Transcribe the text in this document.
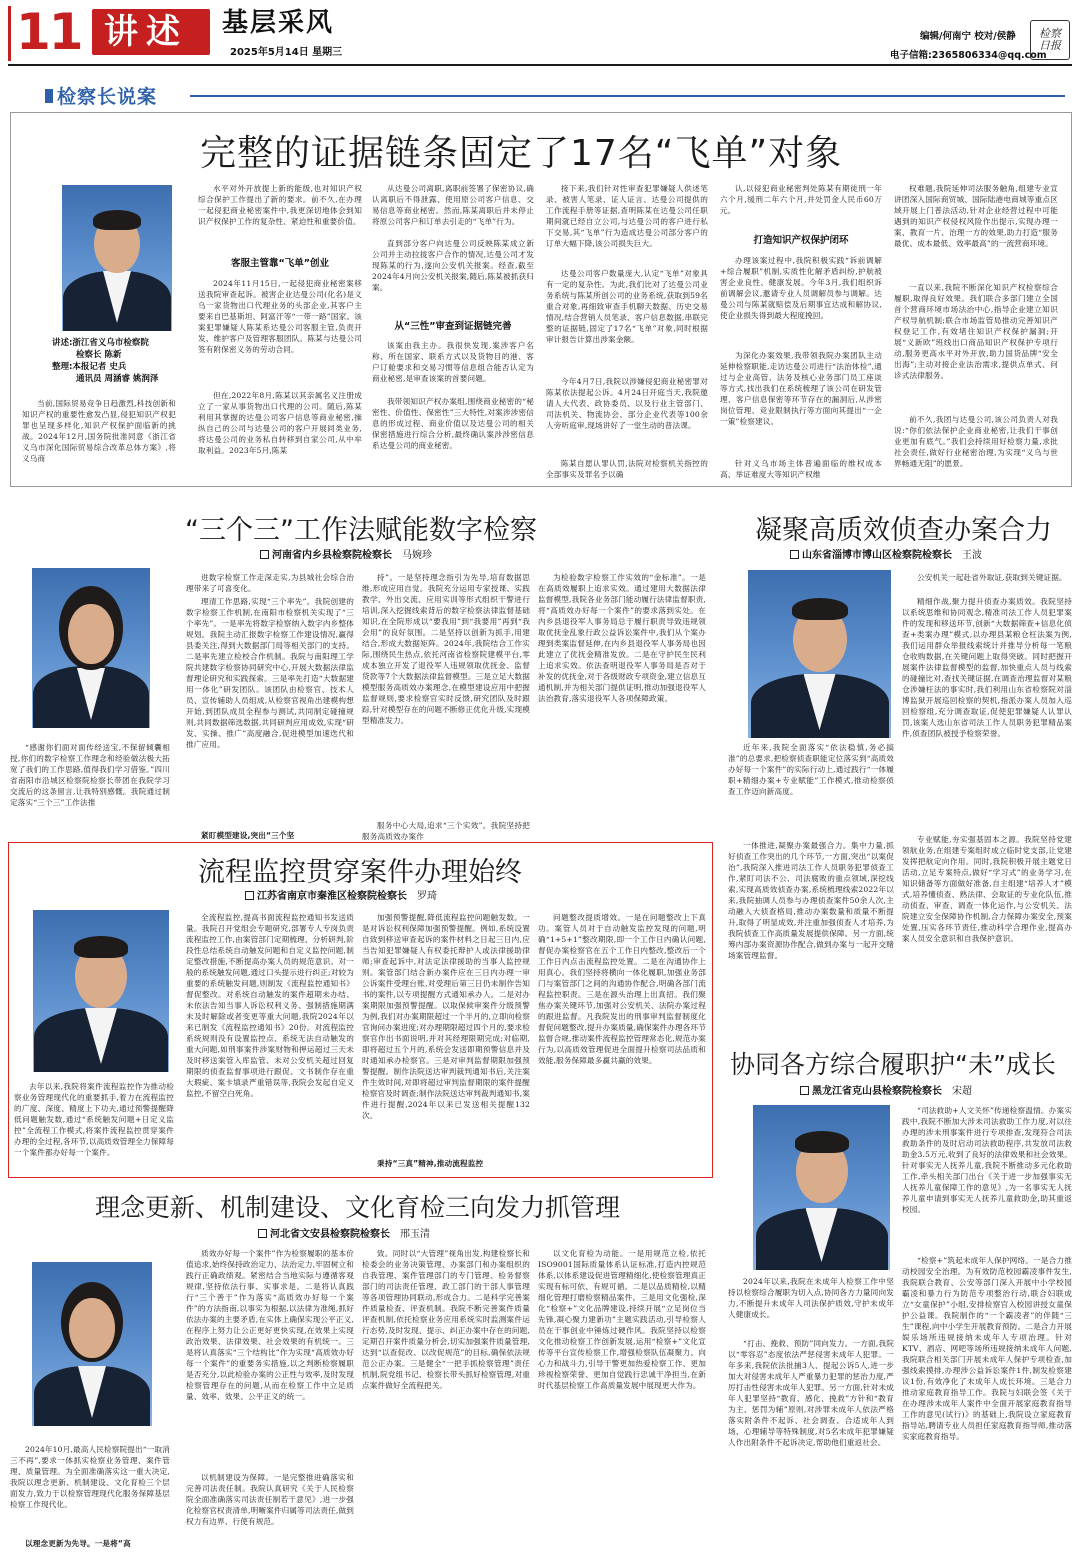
11 讲述 基层采风
2025年5月14日 星期三
编辑/何南宁 校对/侯静
电子信箱:2365806334@qq.com
检察日报
检察长说案
完整的证据链条固定了17名“飞单”对象
讲述:浙江省义乌市检察院
检察长 陈新
整理:本报记者 史兵
通讯员 周涵睿 姚润泽
当前,国际贸易竞争日趋激烈,科技创新和知识产权的重要性愈发凸显,侵犯知识产权犯罪也呈现多样化,知识产权保护面临新的挑战。2024年12月,国务院批准同意《浙江省义乌市深化国际贸易综合改革总体方案》,将义乌商
水平对外开放提上新的能级,也对知识产权综合保护工作提出了新的要求。前不久,在办理一起侵犯商业秘密案件中,我更深切地体会到知识产权保护工作的复杂性、紧迫性和重要价值。
客服主管靠“飞单”创业
2024年11月15日,一起侵犯商业秘密案移送我院审查起诉。被害企业达曼公司(化名)是义乌一家货物出口代理业务的头部企业,其客户主要来自巴基斯坦、阿富汗等“一带一路”国家。该案犯罪嫌疑人陈某系达曼公司客服主管,负责开发、维护客户及管理客服团队。陈某与达曼公司签有附保密义务的劳动合同。
但在,2022年8月,陈某以其亲属名义注册成立了一家从事货物出口代理的公司。随后,陈某利用其掌握的达曼公司客户信息等商业秘密,操纵自己的公司与达曼公司的客户开展同类业务,将达曼公司的业务私自转移到自家公司,从中牟取利益。2023年5月,陈某
从达曼公司离职,离职前签署了保密协议,确认离职后不得泄露、使用原公司客户信息、交易信息等商业秘密。然而,陈某离职后并未停止将原公司客户和订单去引走的“飞单”行为。
直到部分客户向达曼公司反映陈某成立新公司并主动拉拢客户合作的情况,达曼公司才发现陈某的行为,遂向公安机关报案。经查,截至2024年4月向公安机关报案,随后,陈某被抓获归案。
从“三性”审查到证据链完善
该案由我主办。我很快发现,案涉客户名称、所在国家、联系方式以及货物目的港、客户订舱要求和交易习惯等信息组合能否认定为商业秘密,是审查该案的首要问题。
我带领知识产权办案组,围绕商业秘密的“秘密性、价值性、保密性”三大特性,对案涉涉密信息的形成过程、商业价值以及达曼公司的相关保密措施进行综合分析,最终确认案涉涉密信息系达曼公司的商业秘密。
接下来,我们针对性审查犯罪嫌疑人供述笔录、被害人笔录、证人证言、达曼公司提供的工作流程手册等证据,查明陈某在达曼公司任职期间就已经自立公司,与达曼公司的客户进行私下交易,其“飞单”行为造成达曼公司部分客户的订单大幅下降,该公司损失巨大。
达曼公司客户数量庞大,认定“飞单”对象具有一定的复杂性。为此,我们比对了达曼公司业务系统与陈某所创公司的业务系统,获取到59名重合对象,再细致审查手机聊天数据、历史交易情况,结合营销人员笔录、客户信息数据,串联完整的证据链,固定了17名“飞单”对象,同时根据审计报告计算出涉案金额。
今年4月7日,我院以涉嫌侵犯商业秘密罪对陈某依法提起公诉。4月24日开庭当天,我院邀请人大代表、政协委员、以及行业主管部门、司法机关、物流协会、部分企业代表等100余人旁听庭审,现场讲好了一堂生动的普法课。
陈某自愿认罪认罚,法院对检察机关指控的全部事实及罪名予以确
认,以侵犯商业秘密判处陈某有期徒刑一年六个月,缓刑二年六个月,并处罚金人民币60万元。
打造知识产权保护闭环
办理该案过程中,我院积极实践“诉前调解+综合履职”机制,实质性化解矛盾纠纷,护航被害企业良性、健康发展。今年3月,我们组织诉前调解会议,邀请专业人员调解员参与调解。达曼公司与陈某就赔偿及后期事宜达成和解协议,使企业损失得到最大程度挽回。
为深化办案效果,我带领我院办案团队主动延伸检察职能,走访达曼公司进行“法治体检”,通过与企业高管、法务及核心业务部门员工座谈等方式,找出我们在系统梳理了该公司在研发管理、客户信息保密等环节存在的漏洞后,从涉密岗位管理、竞业限制执行等方面向其提出“一企一策”检察建议。
针对义乌市场主体普遍面临的维权成本高、举证难度大等知识产权维
权难题,我院延伸司法服务触角,组建专业宣讲团深入国际商贸城、国际陆港电商城等重点区域开展上门普法活动,针对企业经营过程中可能遇到的知识产权侵权风险作出提示,实现办理一案、教育一片、治理一方的效果,助力打造“服务最优、成本最低、效率最高”的一流营商环境。
一直以来,我院不断深化知识产权检察综合履职,取得良好效果。我们联合多部门建立全国首个营商环境市场法治中心,指导企业建立知识产权导航机制;联合市场监管局推动完善知识产权登记工作,有效堵住知识产权保护漏洞;开展“义新欧”班线出口商品知识产权保护专项行动,服务更高水平对外开放,助力国货品牌“安全出海”;主动对接企业法治需求,提供点单式、问诊式法律服务。
前不久,我团与达曼公司,该公司负责人对我说:“你们依法保护企业商业秘密,让我们干事创业更加有底气。”我们会持续用好检察力量,求批社会责任,做好行业秘密治理,为实现“义乌与世界畅通无阻”的愿景。
“三个三”工作法赋能数字检察
河南省内乡县检察院检察长 马婉珍
“感谢你们面对面传经送宝,不保留倾囊相授,你们的数字检察工作理念和经验做法极大拓宽了我们的工作思路,值得我们学习借鉴。”四川省南阳市沿城区检察院检察长带团在我院学习交流后的这条留言,让我特别感慨。我院通过制定落实“三个三”工作法推
进数字检察工作走深走实,为县城社会综合治理带来了可喜变化。
理清工作思路,实现“三个率先”。我院创建的数字检察工作机制,在南阳市检察机关实现了“三个率先”。一是率先将数字检察纳入数字内乡整体规划。我院主动汇报数字检察工作建设情况,赢得县委关注,得到大数据部门局等相关部门的支持。二是率先建立检校合作机制。我院与南阳理工学院共建数字检察协同研究中心,开展大数据法律监督理论研究和实践探索。三是率先打造“大数据建用一体化”研发团队。该团队由检察官、技术人员、宣传辅助人员组成,从检察官视角出建模构想开始,到团队成员全程参与测试,共同制定碰撞规则,共同数据筛选数据,共同研判应用成效,实现“研发、实操、推广”高度融合,促进模型加速迭代和推广应用。
紧盯模型建设,突出“三个坚
持”。一是坚持理念指引为先导,培育数据思维,形成应用自觉。我院充分运用专家授课、实践教学、外出交流、应用实训等形式组织干警进行培训,深入挖掘线索背后的数字检察法律监督基础知识,在全院形成以“要我用”到“我要用”再到“我会用”的良好氛围。二是坚持以创新为抓手,用建结合,形成大数据矩阵。2024年,我院结合工作实际,围绕民生热点,依托河南省检察院建模平台,零成本独立开发了退役军人违规领取优抚金、监督贷款等7个大数据法律监督模型。三是立足大数据模型服务高质效办案理念,在模型建设应用中把握监督规则,要求检察官实时反馈,研究团队及时跟踪,针对模型存在的问题不断修正优化升级,实现模型精准发力。
服务中心大局,追求“三个实效”。我院坚持把服务高质效办案作
为检验数字检察工作实效的“金标准”。一是在高质效履职上追求实效。通过建用大数据法律监督模型,我院各业务部门能动履行法律监督职责,将“高质效办好每一个案件”的要求落到实处。在内乡县退役军人事务局总于履行职责导致违规领取优抚金乱象行政公益诉讼案件中,我们从个案办理到类案监督延伸,在内乡县退役军人事务局也因此建立了优抚金精准发放。二是在守护民生民利上追求实效。依法查明退役军人事务局是否对于补发的优抚金,对于各级财政专项资金,建立信息互通机制,并为相关部门提供证明,推动加强退役军人法治教育,落实退役军人各项保障政策。
凝聚高质效侦查办案合力
山东省淄博市博山区检察院检察长 王波
公安机关一起赴省外取证,获取到关键证据。
精细作战,聚力提升侦查办案质效。我院坚持以系统思维和协同观念,精准司法工作人员犯罪案件的发现和移送环节,创新“大数据筛查+信息化侦查+类案办理”模式,以办理县某粮仓枉法案为例,我们运用群众举报线索统计并推导分析每一笔粮仓收购数据,在关键问题上取得突破。同时把握开展案件法律监督模型的监督,加快重点人员与线索的碰撞比对,查找关键证据,在调查治理监督对某粮仓涉嫌枉法的事实时,我们利用山东省检察院对淄博监狱开展巡回检察的契机,指派办案人员加入巡回检察组,充分调查取证,促使犯罪嫌疑人认罪认罚,该案人选山东省司法工作人员职务犯罪精品案件,侦查团队被授予检察荣誉。
近年来,我院全面落实“依法稳慎,务必搞准”的总要求,把检察侦查职能定位落实到“高质效办好每一个案件”的实际行动上,通过践行“一体履职+精细办案+专业赋能”工作模式,推动检察侦查工作迈向新高度。
一体推进,凝聚办案最强合力。集中力量,抓好侦查工作突出的几个环节,一方面,突出“以案促治”,我院深入推进司法工作人员职务犯罪侦查工作,紧盯司法不公、司法腐败的重点领域,深挖线索,实现高质效侦查办案,系统梳理线索2022年以来,我院抽调人员参与办理侦查案件50余人次,主动融入大侦查格局,推动办案数量和质量不断提升,取得了明显成效,并注重加强侦查人才培养,为我院侦查工作高质量发展提供保障。另一方面,统筹内部办案资源协作配合,做到办案与一起开交赌场案管理监督。
专业赋能,夯实强基固本之源。我院坚持党建领航业务,在组建专案组时成立临时党支部,让党建发挥把航定向作用。同时,我院积极开展主题党日活动,立足专案特点,做好“学习式”的业务学习,在知识储备等方面做好准备,自主组建“培养人才”模式,培养懂侦查、熟法律、会取证的专业化队伍,推动侦查、审查、调查一体化运作,与公安机关、法院建立安全保障协作机制,合力保障办案安全,预案处置,压实各环节责任,推动科学合理作业,提高办案人员安全意识和自我保护意识。
流程监控贯穿案件办理始终
江苏省南京市秦淮区检察院检察长 罗琦
去年以来,我院将案件流程监控作为推动检察业务管理现代化的重要抓手,着力在流程监控的广度、深度、精度上下功夫,通过预警提醒降低问题触发数,通过“系统触发问题+日定义监控”全流程工作模式,将案件流程监控贯穿案件办理的全过程,各环节,以高质效管理全力保障每一个案件都办好每一个案件。
全流程监控,提高书面流程监控通知书发送质量。我院召开党组会专题研究,部署专人专岗负责流程监控工作,由案管部门定期梳理、分析研判,阶段性总结系统自动触发问题和自定义监控问题,制定整改措施,不断提高办案人员的规范意识。对一般的系统触发问题,通过口头提示进行纠正;对较为重要的系统触发问题,则制发《流程监控通知书》督促整改。对系统自动触发的案件超期未办结、未依法告知当事人诉讼权利义务、强制措施期满未及时解除或者变更等重大问题,我院2024年以来已制发《流程监控通知书》20份。对流程监控系统规则没有设置监控点、系统无法自动触发的重大问题,如刑事案件涉案财物和押运超过三天未及时移送案管入库监管、未对公安机关超过回复期限的侦查监督事项进行跟促、文书制作存在重大瑕疵、案卡填录严重错误等,我院会发起自定义监控,不留空白死角。
加强预警提醒,降低流程监控问题触发数。一是对诉讼权利保障加强预警提醒。例如,系统设置自致到移送审查起诉的案件材料之日起三日内,应当告知犯罪嫌疑人有权委托辩护人或法律援助律师;审查起诉中,对法定法律援助的当事人监控规则。案管部门结合新办案件应在三日内办理一审公诉案件受理台账,对受理后第三日仍未制作告知书的案件,以专项提醒方式通知承办人。二是对办案期限加强预警提醒。以取保候审案件分级预警为例,我们对办案期限超过一个半月的,立即向检察官询问办案进度;对办理期限超过四个月的,要求检察官作出书面说明,并对其经理限期完成;对临期,即将超过五个月的,系统会发送即期预警信息并及时通知承办检察官。三是对审判监督期限加强预警提醒。制作法院送达审判裁判通知书后,关注案件生效时间,对即将超过审判监督期限的案件提醒检察官及时调查;制作法院送达审判裁判通知书,案件进行提醒,2024年以来已发送相关提醒132次。
秉持“三真”精神,推动流程监控
问题整改提质增效。一是在问题整改上下真功。案管人员对于自动触发监控发现的问题,明确“1+5+1”整改期限,即一个工作日内确认问题,督促办案检察官在五个工作日内整改,整改后一个工作日内点击流程监控处置。二是在沟通协作上用真心。我们坚持将横向一体化履职,加强业务部门与案管部门之间的沟通协作配合,明确各部门流程监控职责。三是在源头治理上出真招。我们聚焦办案关键环节,加强对公安机关、法院办案过程的跟进监督。凡我院发出的刑事审判监督制度化督促问题整改,提升办案质量,确保案件办理各环节监督合规,推动案件流程监控管理常态化,规范办案行为,以高质效管理促进全面提升检察司法品质和效能,服务保障最多赢共赢的效果。	协同各方综合履职护“未”成长
黑龙江省克山县检察院检察长 宋超
“司法救助+人文关怀”传递检察温情。办案实践中,我院不断加大涉未司法救助工作力度,对以往办理的涉未刑事案件进行专项排查,发现符合司法救助条件的及时启动司法救助程序,共发放司法救助金3.5万元,收到了良好的法律效果和社会效果。针对事实无人抚养儿童,我院不断推动多元化救助工作,牵头相关部门出台《关于进一步加强事实无人抚养儿童保障工作的意见》,为一名事实无人抚养儿童申请到事实无人抚养儿童救助金,助其重返校园。
“检察+”筑起未成年人保护网络。一是合力推动校园安全治理。为有效防范校园霸凌事件发生,我院联合教育、公安等部门深入开展中小学校园霸凌和暴力行为防范专项整治行动,联合妇联成立“女童保护”小组,安排检察官入校园讲授女童保护公益课。我院制作的“一个霸凌者”的伴随“三生”课程,向中小学生开展教育预防。二是合力开展娱乐场所违规接纳未成年人专项治理。针对KTV、酒店、网吧等场所违规接纳未成年人问题,我院联合相关部门开展未成年人保护专项检查,加强线索摸排,办理涉公益诉讼案件1件,制发检察建议1份,有效净化了未成年人成长环境。三是合力推动家庭教育指导工作。我院与妇联会签《关于在办理涉未成年人案件中全面开展家庭教育指导工作的意见(试行)》的基础上,我院设立家庭教育指导站,聘请专业人员担任家庭教育指导师,推动落实家庭教育指导。
2024年以来,我院在未成年人检察工作中坚持以检察综合履职为切入点,协同各方力量同向发力,不断提升未成年人司法保护质效,守护未成年人健康成长。
“打击、挽救、预防”同向发力。一方面,我院以“零容忍”态度依法严惩侵害未成年人犯罪。一年多来,我院依法批捕3人、提起公诉5人,进一步加大对侵害未成年人严重暴力犯罪的惩治力度,严厉打击性侵害未成年人犯罪。另一方面,针对未成年人犯罪坚持“教育、感化、挽救”方针和“教育为主、惩罚为辅”原则,对涉罪未成年人依法严格落实附条件不起诉、社会调查、合适成年人到场、心理辅导等特殊制度,对5名未成年犯罪嫌疑人作出附条件不起诉决定,帮助他们重返社会。
理念更新、机制建设、文化育检三向发力抓管理
河北省文安县检察院检察长 邢玉清
2024年10月,最高人民检察院提出“一取消三不再”,要求一体抓实检察业务管理、案件管理、质量管理。为全面准确落实这一重大决定,我院以理念更新、机制建设、文化育检三个层面发力,致力于以检察管理现代化服务保障基层检察工作现代化。
以理念更新为先导。一是将“高
质效办好每一个案件”作为检察履职的基本价值追求,始终保持政治定力、法治定力,牢固树立和践行正确政绩观。紧密结合当地实际与遵循客观规律,坚持依法行事、实事求是。二是将认真践行“三个善于”作为落实“高质效办好每一个案件”的方法指南,以事实为根据,以法律为准绳,抓好依法办案的主要矛盾,在实体上确保实现公平正义,在程序上努力让公正更好更快实现,在效果上实现政治效果、法律效果、社会效果的有机统一。三是将认真落实“三个结构比”作为实现“高质效办好每一个案件”的重要务实措施,以之判断检察履职是否充分,以此检验办案的公正性与效率,及时发现检察管理存在的问题,从而在检察工作中立足质量、效率、效果、公平正义的统一。
以机制建设为保障。一是完整推进确落实和完善司法责任制。我院认真研究《关于人民检察院全面准确落实司法责任制若干意见》,进一步强化检察官权责清单,明晰案件归属等司法责任,做到权力有边界、行使有规范。
致。同时以“大管理”视角出发,构建检察长和检委会的业务决策管理、办案部门和办案组织的自我管理、案件管理部门的专门管理、检务督察部门的司法责任管理、政工部门的干部人事管理等各项管理协同联动,形成合力。二是科学完善案件质量检查、评查机制。我院不断完善案件质量评查机制,依托检察业务应用系统实时监测案件运行态势,及时发现、提示、纠正办案中存在的问题,定期召开案件质量分析会,切实加强案件质量管理,达到“以查促改、以改促规范”的目标,确保依法规范公正办案。三是健全“一把手抓检察管理”责任机制,院党组书记、检察长带头抓好检察管理,对重点案件做好全流程把关。
以文化育检为动能。一是用规范立检,依托ISO9001国际质量体系认证标准,打造内控规范体系,以体系建设促进管理精细化,使检察管理真正实现有标可依、有规可循。二是以品质精检,以精细化管理打磨检察精品案件。三是用文化强检,深化“检察+”文化品牌建设,持续开展“立足岗位当先锋,凝心聚力建新功”主题实践活动,引导检察人员在干事创业中锤炼过硬作风。我院坚持以检察文化推动检察工作创新发展,运用“检察+”文化宣传等平台宣传检察工作,增强检察队伍凝聚力、向心力和战斗力,引导干警更加热爱检察工作、更加珍视检察荣誉、更加自觉践行忠诚干净担当,在新时代基层检察工作高质量发展中展现更大作为。
